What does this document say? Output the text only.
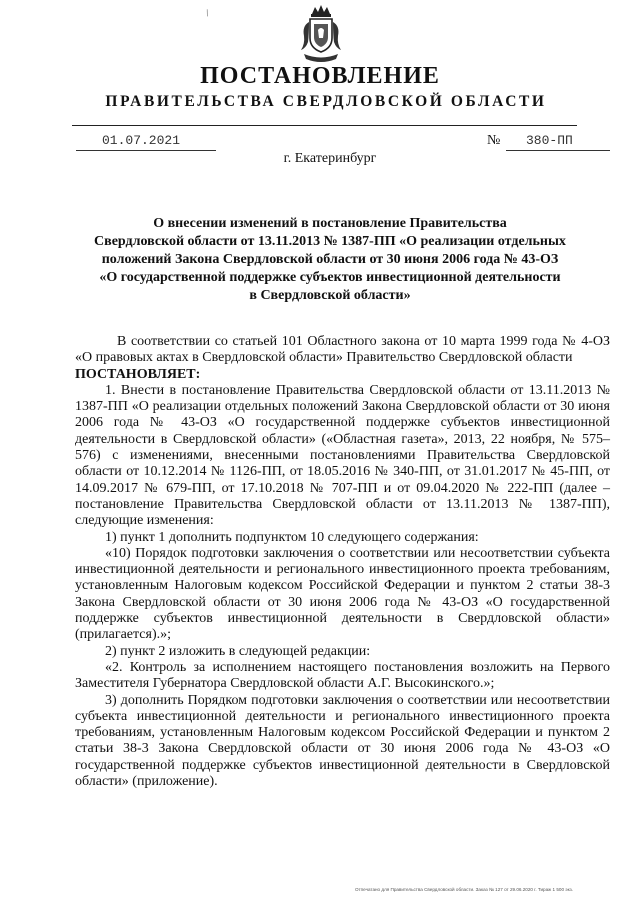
/
ПОСТАНОВЛЕНИЕ
ПРАВИТЕЛЬСТВА СВЕРДЛОВСКОЙ ОБЛАСТИ
01.07.2021	№	380-ПП
г. Екатеринбург
О внесении изменений в постановление Правительства
Свердловской области от 13.11.2013 № 1387-ПП «О реализации отдельных
положений Закона Свердловской области от 30 июня 2006 года № 43-ОЗ
«О государственной поддержке субъектов инвестиционной деятельности
в Свердловской области»

В соответствии со статьей 101 Областного закона от 10 марта 1999 года № 4-ОЗ «О правовых актах в Свердловской области» Правительство Свердловской области

ПОСТАНОВЛЯЕТ:

1. Внести в постановление Правительства Свердловской области от 13.11.2013 № 1387-ПП «О реализации отдельных положений Закона Свердловской области от 30 июня 2006 года № 43-ОЗ «О государственной поддержке субъектов инвестиционной деятельности в Свердловской области» («Областная газета», 2013, 22 ноября, № 575–576) с изменениями, внесенными постановлениями Правительства Свердловской области от 10.12.2014 № 1126-ПП, от 18.05.2016 № 340-ПП, от 31.01.2017 № 45-ПП, от 14.09.2017 № 679-ПП, от 17.10.2018 № 707-ПП и от 09.04.2020 № 222-ПП (далее – постановление Правительства Свердловской области от 13.11.2013 № 1387-ПП), следующие изменения:

1) пункт 1 дополнить подпунктом 10 следующего содержания:

«10) Порядок подготовки заключения о соответствии или несоответствии субъекта инвестиционной деятельности и регионального инвестиционного проекта требованиям, установленным Налоговым кодексом Российской Федерации и пунктом 2 статьи 38-3 Закона Свердловской области от 30 июня 2006 года № 43-ОЗ «О государственной поддержке субъектов инвестиционной деятельности в Свердловской области» (прилагается).»;

2) пункт 2 изложить в следующей редакции:

«2. Контроль за исполнением настоящего постановления возложить на Первого Заместителя Губернатора Свердловской области А.Г. Высокинского.»;

3) дополнить Порядком подготовки заключения о соответствии или несоответствии субъекта инвестиционной деятельности и регионального инвестиционного проекта требованиям, установленным Налоговым кодексом Российской Федерации и пунктом 2 статьи 38-3 Закона Свердловской области от 30 июня 2006 года № 43-ОЗ «О государственной поддержке субъектов инвестиционной деятельности в Свердловской области» (приложение).

Отпечатано для Правительства Свердловской области. Заказ № 127 от 29.06.2020 г. Тираж 1 500 экз.
